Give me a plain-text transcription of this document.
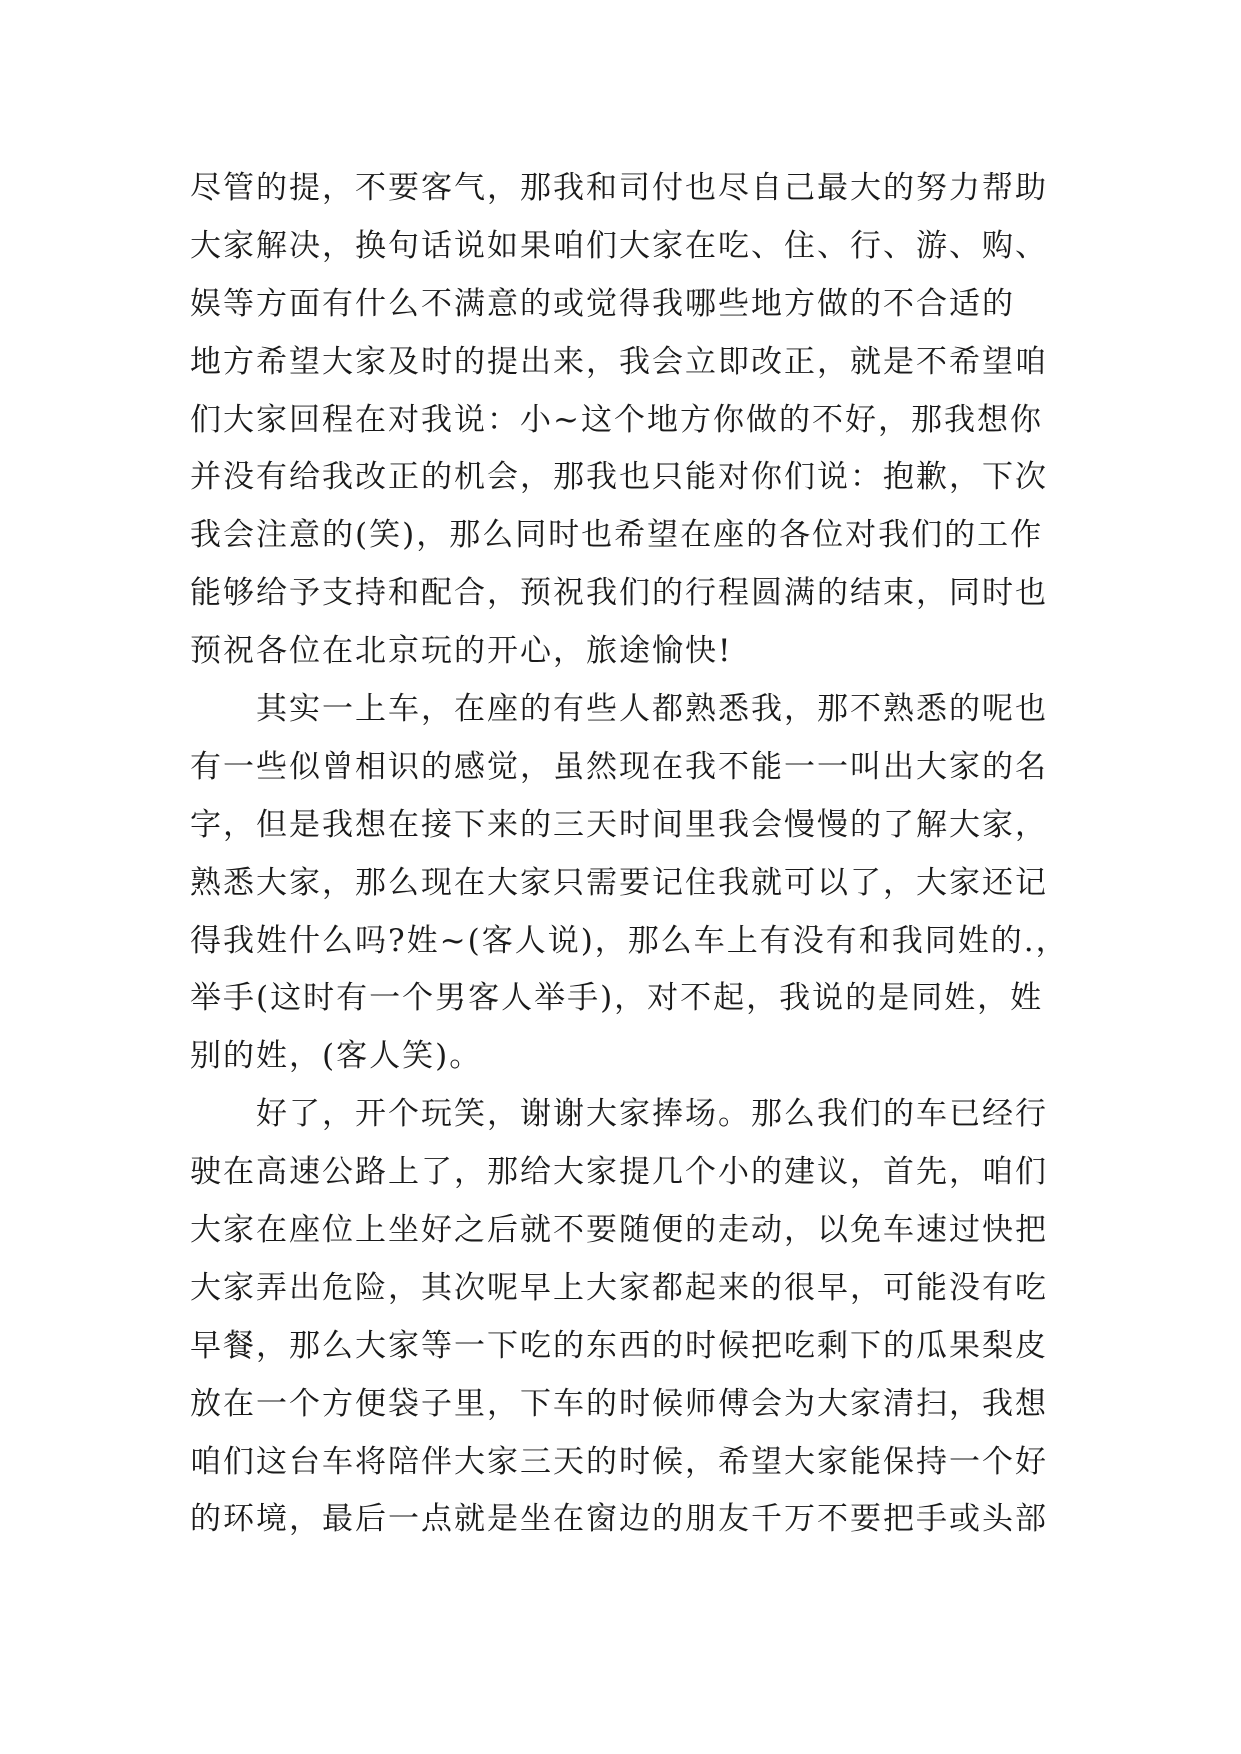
尽管的提，不要客气，那我和司付也尽自己最大的努力帮助
大家解决，换句话说如果咱们大家在吃、住、行、游、购、
娱等方面有什么不满意的或觉得我哪些地方做的不合适的
地方希望大家及时的提出来，我会立即改正，就是不希望咱
们大家回程在对我说：小~这个地方你做的不好，那我想你
并没有给我改正的机会，那我也只能对你们说：抱歉，下次
我会注意的(笑)，那么同时也希望在座的各位对我们的工作
能够给予支持和配合，预祝我们的行程圆满的结束，同时也
预祝各位在北京玩的开心，旅途愉快!
其实一上车，在座的有些人都熟悉我，那不熟悉的呢也
有一些似曾相识的感觉，虽然现在我不能一一叫出大家的名
字，但是我想在接下来的三天时间里我会慢慢的了解大家，
熟悉大家，那么现在大家只需要记住我就可以了，大家还记
得我姓什么吗?姓~(客人说)，那么车上有没有和我同姓的.，
举手(这时有一个男客人举手)，对不起，我说的是同姓，姓
别的姓，(客人笑)。
好了，开个玩笑，谢谢大家捧场。那么我们的车已经行
驶在高速公路上了，那给大家提几个小的建议，首先，咱们
大家在座位上坐好之后就不要随便的走动，以免车速过快把
大家弄出危险，其次呢早上大家都起来的很早，可能没有吃
早餐，那么大家等一下吃的东西的时候把吃剩下的瓜果梨皮
放在一个方便袋子里，下车的时候师傅会为大家清扫，我想
咱们这台车将陪伴大家三天的时候，希望大家能保持一个好
的环境，最后一点就是坐在窗边的朋友千万不要把手或头部
